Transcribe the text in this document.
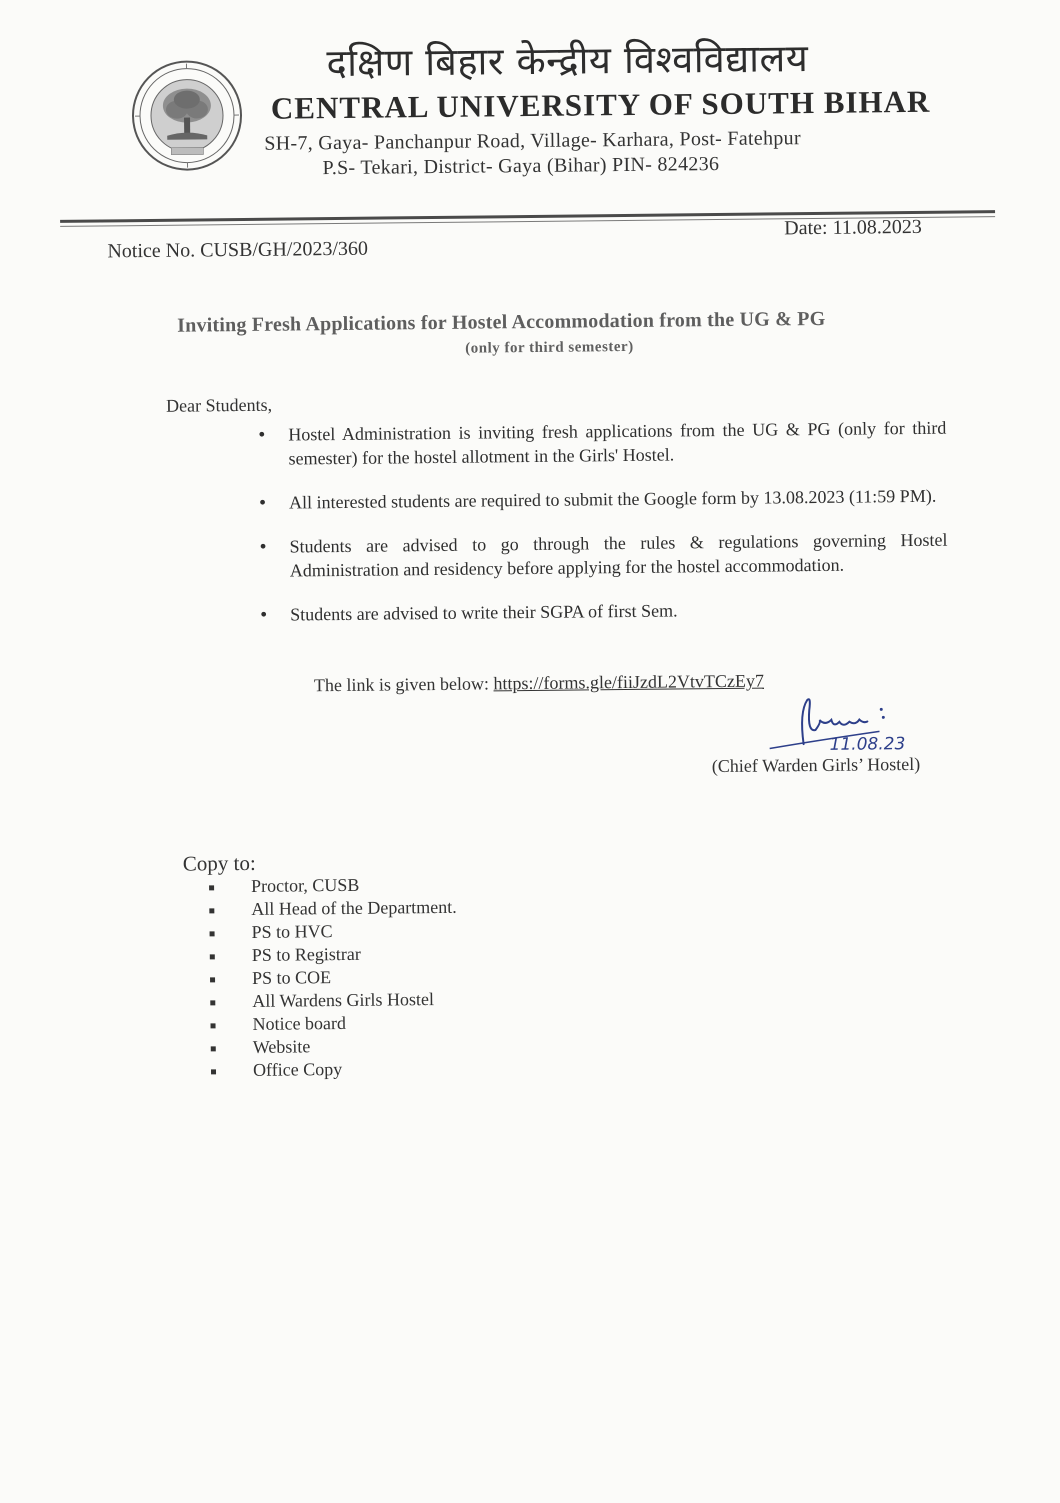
दक्षिण बिहार केन्द्रीय विश्वविद्यालय
CENTRAL UNIVERSITY OF SOUTH BIHAR
SH-7, Gaya- Panchanpur Road, Village- Karhara, Post- Fatehpur
P.S- Tekari, District- Gaya (Bihar) PIN- 824236
Notice No. CUSB/GH/2023/360
Date: 11.08.2023
Inviting Fresh Applications for Hostel Accommodation from the UG & PG
(only for third semester)
Dear Students,
• Hostel Administration is inviting fresh applications from the UG & PG (only for third semester) for the hostel allotment in the Girls' Hostel.
• All interested students are required to submit the Google form by 13.08.2023 (11:59 PM).
• Students are advised to go through the rules & regulations governing Hostel Administration and residency before applying for the hostel accommodation.
• Students are advised to write their SGPA of first Sem.
The link is given below: https://forms.gle/fiiJzdL2VtvTCzEy7
11.08.23
(Chief Warden Girls’ Hostel)
Copy to:
Proctor, CUSB
All Head of the Department.
PS to HVC
PS to Registrar
PS to COE
All Wardens Girls Hostel
Notice board
Website
Office Copy
